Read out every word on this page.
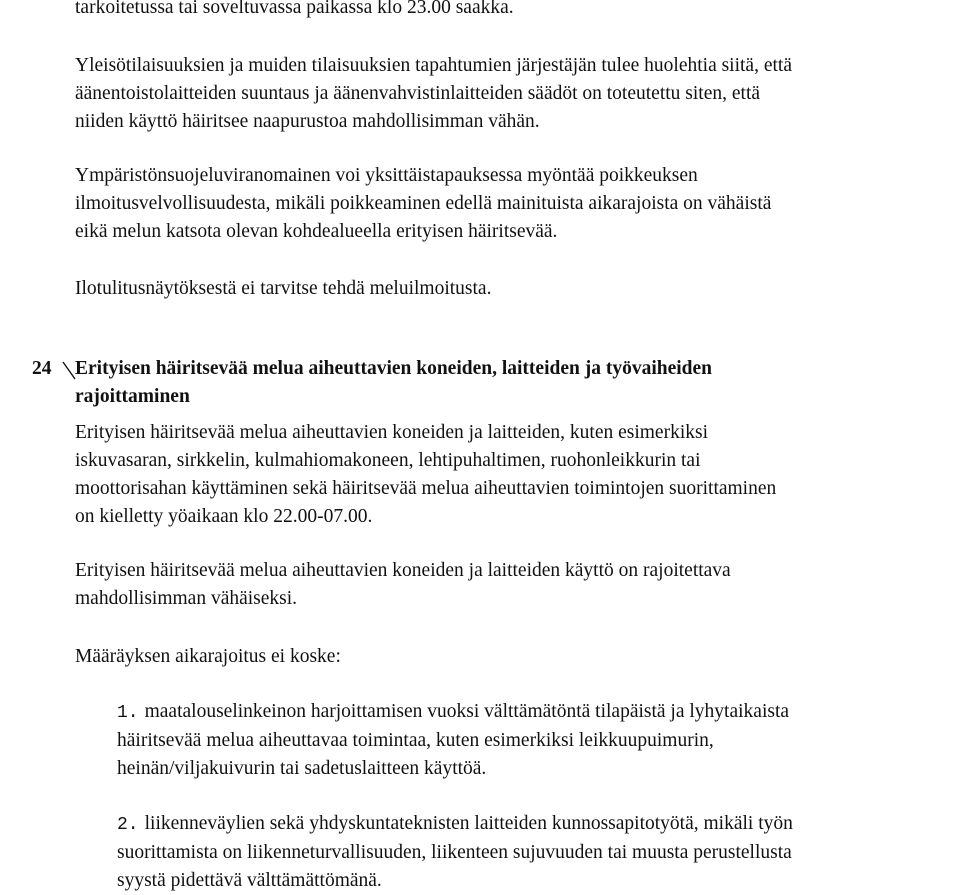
tarkoitetussa tai soveltuvassa paikassa klo 23.00 saakka.

Yleisötilaisuuksien ja muiden tilaisuuksien tapahtumien järjestäjän tulee huolehtia siitä, että
äänentoistolaitteiden suuntaus ja äänenvahvistinlaitteiden säädöt on toteutettu siten, että
niiden käyttö häiritsee naapurustoa mahdollisimman vähän.

Ympäristönsuojeluviranomainen voi yksittäistapauksessa myöntää poikkeuksen
ilmoitusvelvollisuudesta, mikäli poikkeaminen edellä mainituista aikarajoista on vähäistä
eikä melun katsota olevan kohdealueella erityisen häiritsevää.

Ilotulitusnäytöksestä ei tarvitse tehdä meluilmoitusta.

24 Erityisen häiritsevää melua aiheuttavien koneiden, laitteiden ja työvaiheiden
rajoittaminen

Erityisen häiritsevää melua aiheuttavien koneiden ja laitteiden, kuten esimerkiksi
iskuvasaran, sirkkelin, kulmahiomakoneen, lehtipuhaltimen, ruohonleikkurin tai
moottorisahan käyttäminen sekä häiritsevää melua aiheuttavien toimintojen suorittaminen
on kielletty yöaikaan klo 22.00-07.00.

Erityisen häiritsevää melua aiheuttavien koneiden ja laitteiden käyttö on rajoitettava
mahdollisimman vähäiseksi.

Määräyksen aikarajoitus ei koske:

1. maatalouselinkeinon harjoittamisen vuoksi välttämätöntä tilapäistä ja lyhytaikaista
häiritsevää melua aiheuttavaa toimintaa, kuten esimerkiksi leikkuupuimurin,
heinän/viljakuivurin tai sadetuslaitteen käyttöä.
2. liikenneväylien sekä yhdyskuntateknisten laitteiden kunnossapitotyötä, mikäli työn
suorittamista on liikenneturvallisuuden, liikenteen sujuvuuden tai muusta perustellusta
syystä pidettävä välttämättömänä.
